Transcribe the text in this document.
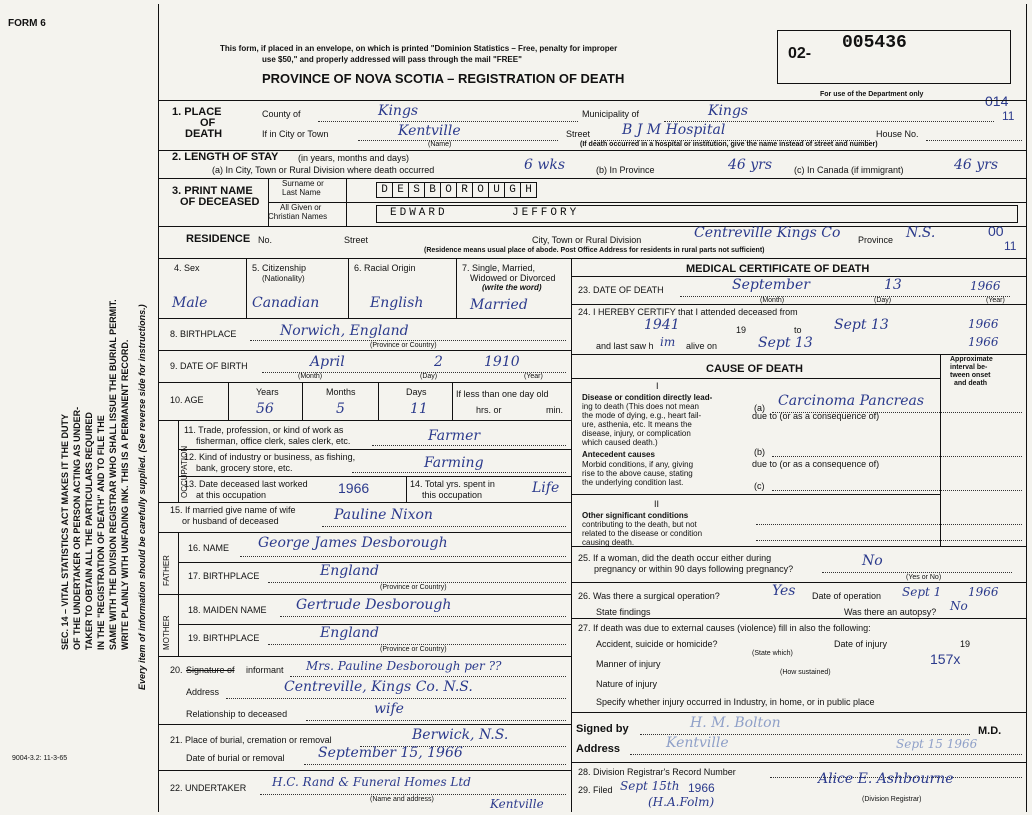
FORM 6
SEC. 14 – VITAL STATISTICS ACT MAKES IT THE DUTY OF THE UNDERTAKER OR PERSON ACTING AS UNDER- TAKER TO OBTAIN ALL THE PARTICULARS REQUIRED IN THE "REGISTRATION OF DEATH" AND TO FILE THE SAME WITH THE DIVISION REGISTRAR WHO SHALL ISSUE THE BURIAL PERMIT. WRITE PLAINLY WITH UNFADING INK. THIS IS A PERMANENT RECORD. Every item of information should be carefully supplied. (See reverse side for instructions.)
9004-3.2: 11-3-65
This form, if placed in an envelope, on which is printed "Dominion Statistics – Free, penalty for improper
use $50," and properly addressed will pass through the mail "FREE"
PROVINCE OF NOVA SCOTIA – REGISTRATION OF DEATH
02-
005436
For use of the Department only	014
11
1. PLACE
OF
DEATH
County of	Kings	Municipality of	Kings
If in City or Town	Kentville
(Name)
Street B J M Hospital	House No.
(If death occurred in a hospital or institution, give the name instead of street and number)
2. LENGTH OF STAY (in years, months and days)
(a) In City, Town or Rural Division where death occurred	6 wks	(b) In Province	46 yrs (c) In Canada (if immigrant)	46 yrs
3. PRINT NAME
OF DECEASED
Surname or
Last Name
All Given or
Christian Names
D E S B O R O U G H
EDWARD	JEFFORY
RESIDENCE No.	Street	City, Town or Rural Division	Centreville Kings Co Province N.S.	00
11
(Residence means usual place of abode. Post Office Address for residents in rural parts not sufficient)
4. Sex
Male
5. Citizenship
(Nationality)
Canadian
6. Racial Origin
English
7. Single, Married,
Widowed or Divorced
(write the word)
Married
8. BIRTHPLACE	Norwich, England
(Province or Country)
9. DATE OF BIRTH	April	2	1910
(Month)	(Day)	(Year)
10. AGE
Years
56
Months
5
Days
11
If less than one day old
hrs. or	min.
OCCUPATION
11. Trade, profession, or kind of work as
fisherman, office clerk, sales clerk, etc.	Farmer
12. Kind of industry or business, as fishing,
bank, grocery store, etc.	Farming
13. Date deceased last worked
at this occupation	1966	14. Total yrs. spent in
this occupation	Life
15. If married give name of wife
or husband of deceased	Pauline Nixon
FATHER
16. NAME George James Desborough
17. BIRTHPLACE	England
(Province or Country)
MOTHER
18. MAIDEN NAME Gertrude Desborough
19. BIRTHPLACE	England
(Province or Country)
20. Signature of informant Mrs. Pauline Desborough per ??
Address	Centreville, Kings Co. N.S.
Relationship to deceased	wife
21. Place of burial, cremation or removal	Berwick, N.S.
Date of burial or removal September 15, 1966
22. UNDERTAKER H.C. Rand & Funeral Homes Ltd
(Name and address)	Kentville
MEDICAL CERTIFICATE OF DEATH
23. DATE OF DEATH	September	13	1966
(Month)	(Day)	(Year)
24. I HEREBY CERTIFY that I attended deceased from
1941	19	to Sept 13	1966
and last saw h im alive on	Sept 13	1966
CAUSE OF DEATH
Approximate
interval be-
tween onset
and death
I
Disease or condition directly lead-
ing to death (This does not mean
the mode of dying, e.g., heart fail-
ure, asthenia, etc. It means the
disease, injury, or complication
which caused death.)
(a) Carcinoma Pancreas
due to (or as a consequence of)
Antecedent causes
Morbid conditions, if any, giving
rise to the above cause, stating
the underlying condition last.
(b)
due to (or as a consequence of)
(c)
II
Other significant conditions
contributing to the death, but not
related to the disease or condition
causing death.
25. If a woman, did the death occur either during
pregnancy or within 90 days following pregnancy?	No
(Yes or No)
26. Was there a surgical operation?	Yes Date of operation Sept 1 1966
State findings	Was there an autopsy? No
27. If death was due to external causes (violence) fill in also the following:
Accident, suicide or homicide?	Date of injury	19
(State which)	157x
Manner of injury
(How sustained)
Nature of injury
Specify whether injury occurred in Industry, in home, or in public place
Signed by	H. M. Bolton	M.D.
Address	Kentville	Sept 15 1966
28. Division Registrar's Record Number
29. Filed Sept 15th 1966
Alice E. Ashbourne
(Division Registrar)
(H.A.Folm)
